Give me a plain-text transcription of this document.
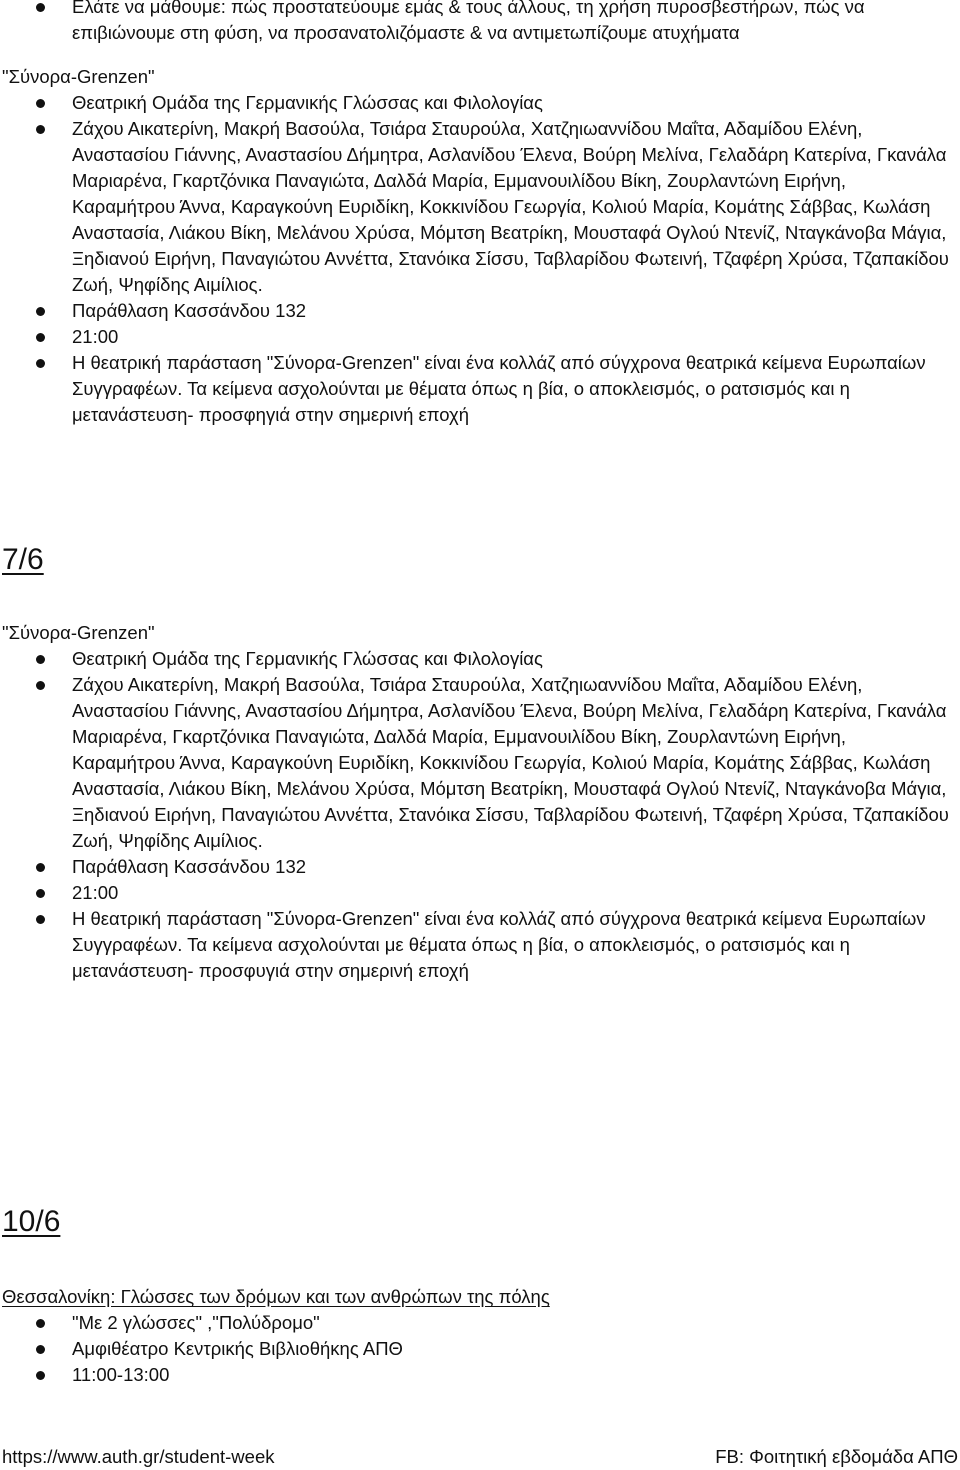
Ελάτε να μάθουμε: πώς προστατεύουμε εμάς & τους άλλους, τη χρήση πυροσβεστήρων, πώς να επιβιώνουμε στη φύση, να προσανατολιζόμαστε & να αντιμετωπίζουμε ατυχήματα

"Σύνορα-Grenzen"

Θεατρική Ομάδα της Γερμανικής Γλώσσας και Φιλολογίας
Ζάχου Αικατερίνη, Μακρή Βασούλα, Τσιάρα Σταυρούλα, Χατζηιωαννίδου Μαΐτα, Αδαμίδου Ελένη, Αναστασίου Γιάννης, Αναστασίου Δήμητρα, Ασλανίδου Έλενα, Βούρη Μελίνα, Γελαδάρη Κατερίνα, Γκανάλα Μαριαρένα, Γκαρτζόνικα Παναγιώτα, Δαλδά Μαρία, Εμμανουιλίδου Βίκη, Ζουρλαντώνη Ειρήνη, Καραμήτρου Άννα, Καραγκούνη Ευριδίκη, Κοκκινίδου Γεωργία, Κολιού Μαρία, Κομάτης Σάββας, Κωλάση Αναστασία, Λιάκου Βίκη, Μελάνου Χρύσα, Μόμτση Βεατρίκη, Μουσταφά Ογλού Ντενίζ, Νταγκάνοβα Μάγια, Ξηδιανού Ειρήνη, Παναγιώτου Αννέττα, Στανόικα Σίσσυ, Ταβλαρίδου Φωτεινή, Τζαφέρη Χρύσα, Τζαπακίδου Ζωή, Ψηφίδης Αιμίλιος.
Παράθλαση Κασσάνδου 132
21:00
Η θεατρική παράσταση "Σύνορα-Grenzen" είναι ένα κολλάζ από σύγχρονα θεατρικά κείμενα Ευρωπαίων Συγγραφέων. Τα κείμενα ασχολούνται με θέματα όπως η βία, ο αποκλεισμός, ο ρατσισμός και η μετανάστευση- προσφηγιά στην σημερινή εποχή

7/6

"Σύνορα-Grenzen"

Θεατρική Ομάδα της Γερμανικής Γλώσσας και Φιλολογίας
Ζάχου Αικατερίνη, Μακρή Βασούλα, Τσιάρα Σταυρούλα, Χατζηιωαννίδου Μαΐτα, Αδαμίδου Ελένη, Αναστασίου Γιάννης, Αναστασίου Δήμητρα, Ασλανίδου Έλενα, Βούρη Μελίνα, Γελαδάρη Κατερίνα, Γκανάλα Μαριαρένα, Γκαρτζόνικα Παναγιώτα, Δαλδά Μαρία, Εμμανουιλίδου Βίκη, Ζουρλαντώνη Ειρήνη, Καραμήτρου Άννα, Καραγκούνη Ευριδίκη, Κοκκινίδου Γεωργία, Κολιού Μαρία, Κομάτης Σάββας, Κωλάση Αναστασία, Λιάκου Βίκη, Μελάνου Χρύσα, Μόμτση Βεατρίκη, Μουσταφά Ογλού Ντενίζ, Νταγκάνοβα Μάγια, Ξηδιανού Ειρήνη, Παναγιώτου Αννέττα, Στανόικα Σίσσυ, Ταβλαρίδου Φωτεινή, Τζαφέρη Χρύσα, Τζαπακίδου Ζωή, Ψηφίδης Αιμίλιος.
Παράθλαση Κασσάνδου 132
21:00
Η θεατρική παράσταση "Σύνορα-Grenzen" είναι ένα κολλάζ από σύγχρονα θεατρικά κείμενα Ευρωπαίων Συγγραφέων. Τα κείμενα ασχολούνται με θέματα όπως η βία, ο αποκλεισμός, ο ρατσισμός και η μετανάστευση- προσφυγιά στην σημερινή εποχή

10/6

Θεσσαλονίκη: Γλώσσες των δρόμων και των ανθρώπων της πόλης

"Με 2 γλώσσες" ,"Πολύδρομο"
Αμφιθέατρο Κεντρικής Βιβλιοθήκης ΑΠΘ
11:00-13:00
https://www.auth.gr/student-week	FB: Φοιτητική εβδομάδα ΑΠΘ
